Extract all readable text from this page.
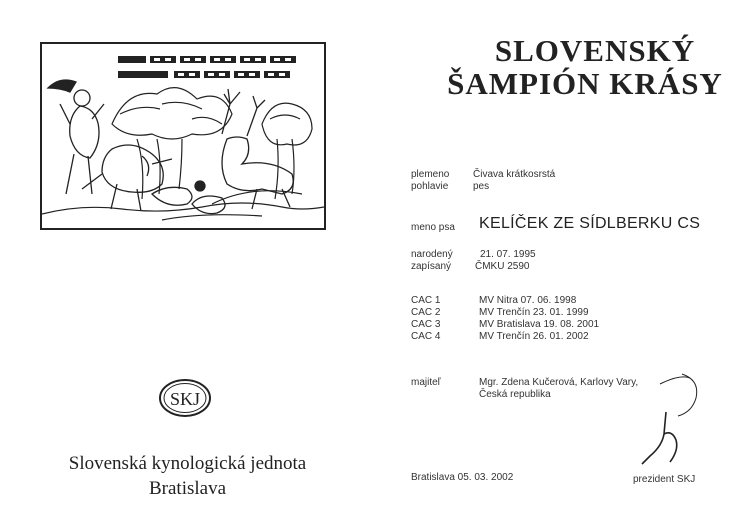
SKJ
Slovenská kynologická jednota
Bratislava
SLOVENSKÝ
ŠAMPIÓN KRÁSY
plemeno Čivava krátkosrstá
pohlavie pes
meno psa KELÍČEK ZE SÍDLBERKU CS
narodený	21. 07. 1995
zapísaný ČMKU 2590
CAC 1	MV Nitra 07. 06. 1998
CAC 2	MV Trenčín 23. 01. 1999
CAC 3	MV Bratislava 19. 08. 2001
CAC 4	MV Trenčín 26. 01. 2002
majiteľ	Mgr. Zdena Kučerová, Karlovy Vary,
Česká republika
Bratislava 05. 03. 2002	prezident SKJ
